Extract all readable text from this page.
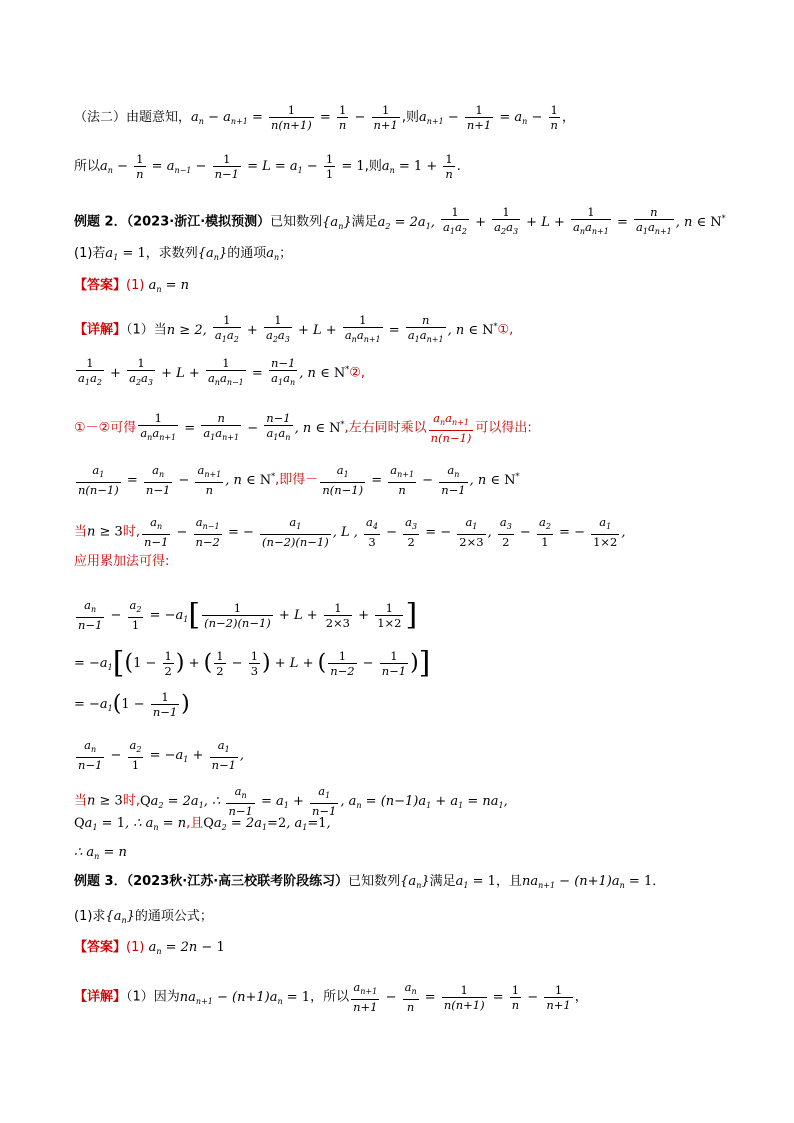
（法二）由题意知，$a_n - a_{n+1} = \frac{1}{n(n+1)} = \frac{1}{n} - \frac{1}{n+1}$ ,则$a_{n+1} - \frac{1}{n+1} = a_n - \frac{1}{n}$ ，
所以$a_n - \frac{1}{n} = a_{n-1} - \frac{1}{n-1} = L = a_1 - \frac{1}{1} = 1$,则$a_n = 1 + \frac{1}{n}$ .
例题 2．（2023·浙江·模拟预测）已知数列$\{a_n\}$满足$a_2 = 2a_1$, $\frac{1}{a_1a_2} + \frac{1}{a_2a_3} + L + \frac{1}{a_na_{n+1}} = \frac{n}{a_1a_{n+1}}$ , n ∈ N*
(1)若$a_1 = 1$，求数列$\{a_n\}$的通项$a_n$；
【答案】(1) $a_n = n$
【详解】（1）当n ≥ 2, $\frac{1}{a_1a_2} + \frac{1}{a_2a_3} + L + \frac{1}{a_na_{n+1}} = \frac{n}{a_1a_{n+1}}$ , n ∈ N*①,
$\frac{1}{a_1a_2} + \frac{1}{a_2a_3} + L + \frac{1}{a_na_{n-1}} = \frac{n-1}{a_1a_n}$ , n ∈ N*②,
①－②可得 $\frac{1}{a_na_{n+1}} = \frac{n}{a_1a_{n+1}} - \frac{n-1}{a_1a_n}$ , n ∈ N*,左右同时乘以 $\frac{a_na_{n+1}}{n(n-1)}$ 可以得出:
$\frac{a_1}{n(n-1)} = \frac{a_n}{n-1} - \frac{a_{n+1}}{n}$ , n ∈ N*,即得－ $\frac{a_1}{n(n-1)} = \frac{a_{n+1}}{n} - \frac{a_n}{n-1}$ , n ∈ N*
当n ≥ 3时, $\frac{a_n}{n-1} - \frac{a_{n-1}}{n-2}$ = − $\frac{a_1}{(n-2)(n-1)}$ , L , $\frac{a_4}{3} - \frac{a_3}{2}$ = − $\frac{a_1}{2\times 3}$ , $\frac{a_3}{2} - \frac{a_2}{1}$ = − $\frac{a_1}{1\times 2}$ ,
应用累加法可得:
$\frac{a_n}{n-1} - \frac{a_2}{1} = -a_1[ \frac{1}{(n-2)(n-1)} + L + \frac{1}{2\times 3} + \frac{1}{1\times 2}$ ]
= $-a_1[(1 - \frac{1}{2}$ ) + ( $\frac{1}{2} - \frac{1}{3}$ ) + L + ( $\frac{1}{n-2} - \frac{1}{n-1}$ )]
= $-a_1(1 - \frac{1}{n-1}$ )
$\frac{a_n}{n-1} - \frac{a_2}{1} = -a_1 + \frac{a_1}{n-1}$ ,
当n ≥ 3时$,Qa_2 = 2a_1$, ∴ $\frac{a_n}{n-1} = a_1 + \frac{a_1}{n-1}$ , $a_n = (n-1)a_1 + a_1 = na_1$,
$Qa_1 = 1$, ∴ $a_n = n$,且$Qa_2 = 2a_1=2$, $a_1=1$,
∴ $a_n = n$
例题 3．（2023秋·江苏·高三校联考阶段练习）已知数列$\{a_n\}$满足$a_1 = 1$，且$na_{n+1} - (n+1)a_n = 1$．
(1)求$\{a_n\}$的通项公式；
【答案】(1) $a_n = 2n - 1$
【详解】（1）因为$na_{n+1} - (n+1)a_n = 1$，所以 $\frac{a_{n+1}}{n+1} - \frac{a_n}{n} = \frac{1}{n(n+1)} = \frac{1}{n} - \frac{1}{n+1}$ ，
